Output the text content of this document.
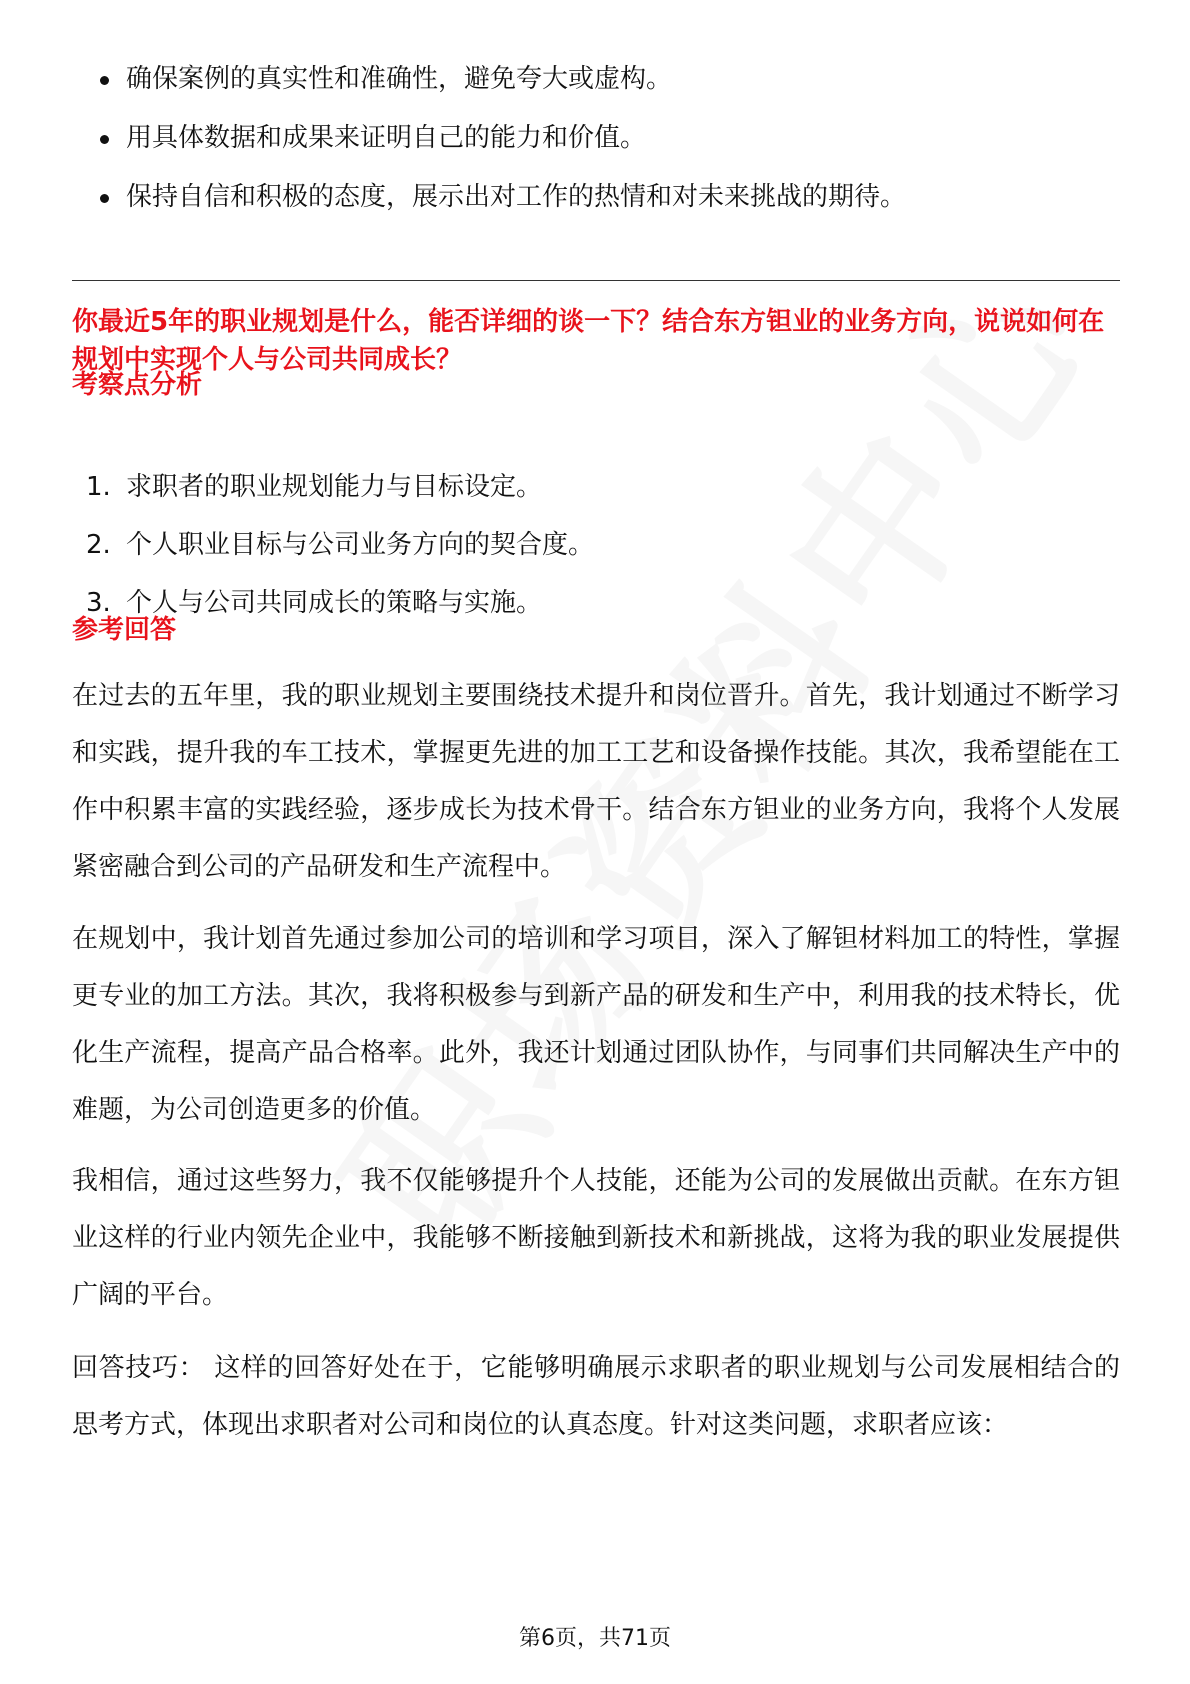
确保案例的真实性和准确性，避免夸大或虚构。
用具体数据和成果来证明自己的能力和价值。
保持自信和积极的态度，展示出对工作的热情和对未来挑战的期待。
你最近5年的职业规划是什么，能否详细的谈一下？结合东方钽业的业务方向，说说如何在规划中实现个人与公司共同成长？
考察点分析
1. 求职者的职业规划能力与目标设定。
2. 个人职业目标与公司业务方向的契合度。
3. 个人与公司共同成长的策略与实施。
参考回答

在过去的五年里，我的职业规划主要围绕技术提升和岗位晋升。首先，我计划通过不断学习和实践，提升我的车工技术，掌握更先进的加工工艺和设备操作技能。其次，我希望能在工作中积累丰富的实践经验，逐步成长为技术骨干。结合东方钽业的业务方向，我将个人发展紧密融合到公司的产品研发和生产流程中。

在规划中，我计划首先通过参加公司的培训和学习项目，深入了解钽材料加工的特性，掌握更专业的加工方法。其次，我将积极参与到新产品的研发和生产中，利用我的技术特长，优化生产流程，提高产品合格率。此外，我还计划通过团队协作，与同事们共同解决生产中的难题，为公司创造更多的价值。

我相信，通过这些努力，我不仅能够提升个人技能，还能为公司的发展做出贡献。在东方钽业这样的行业内领先企业中，我能够不断接触到新技术和新挑战，这将为我的职业发展提供广阔的平台。

回答技巧： 这样的回答好处在于，它能够明确展示求职者的职业规划与公司发展相结合的思考方式，体现出求职者对公司和岗位的认真态度。针对这类问题，求职者应该：

第6页，共71页
